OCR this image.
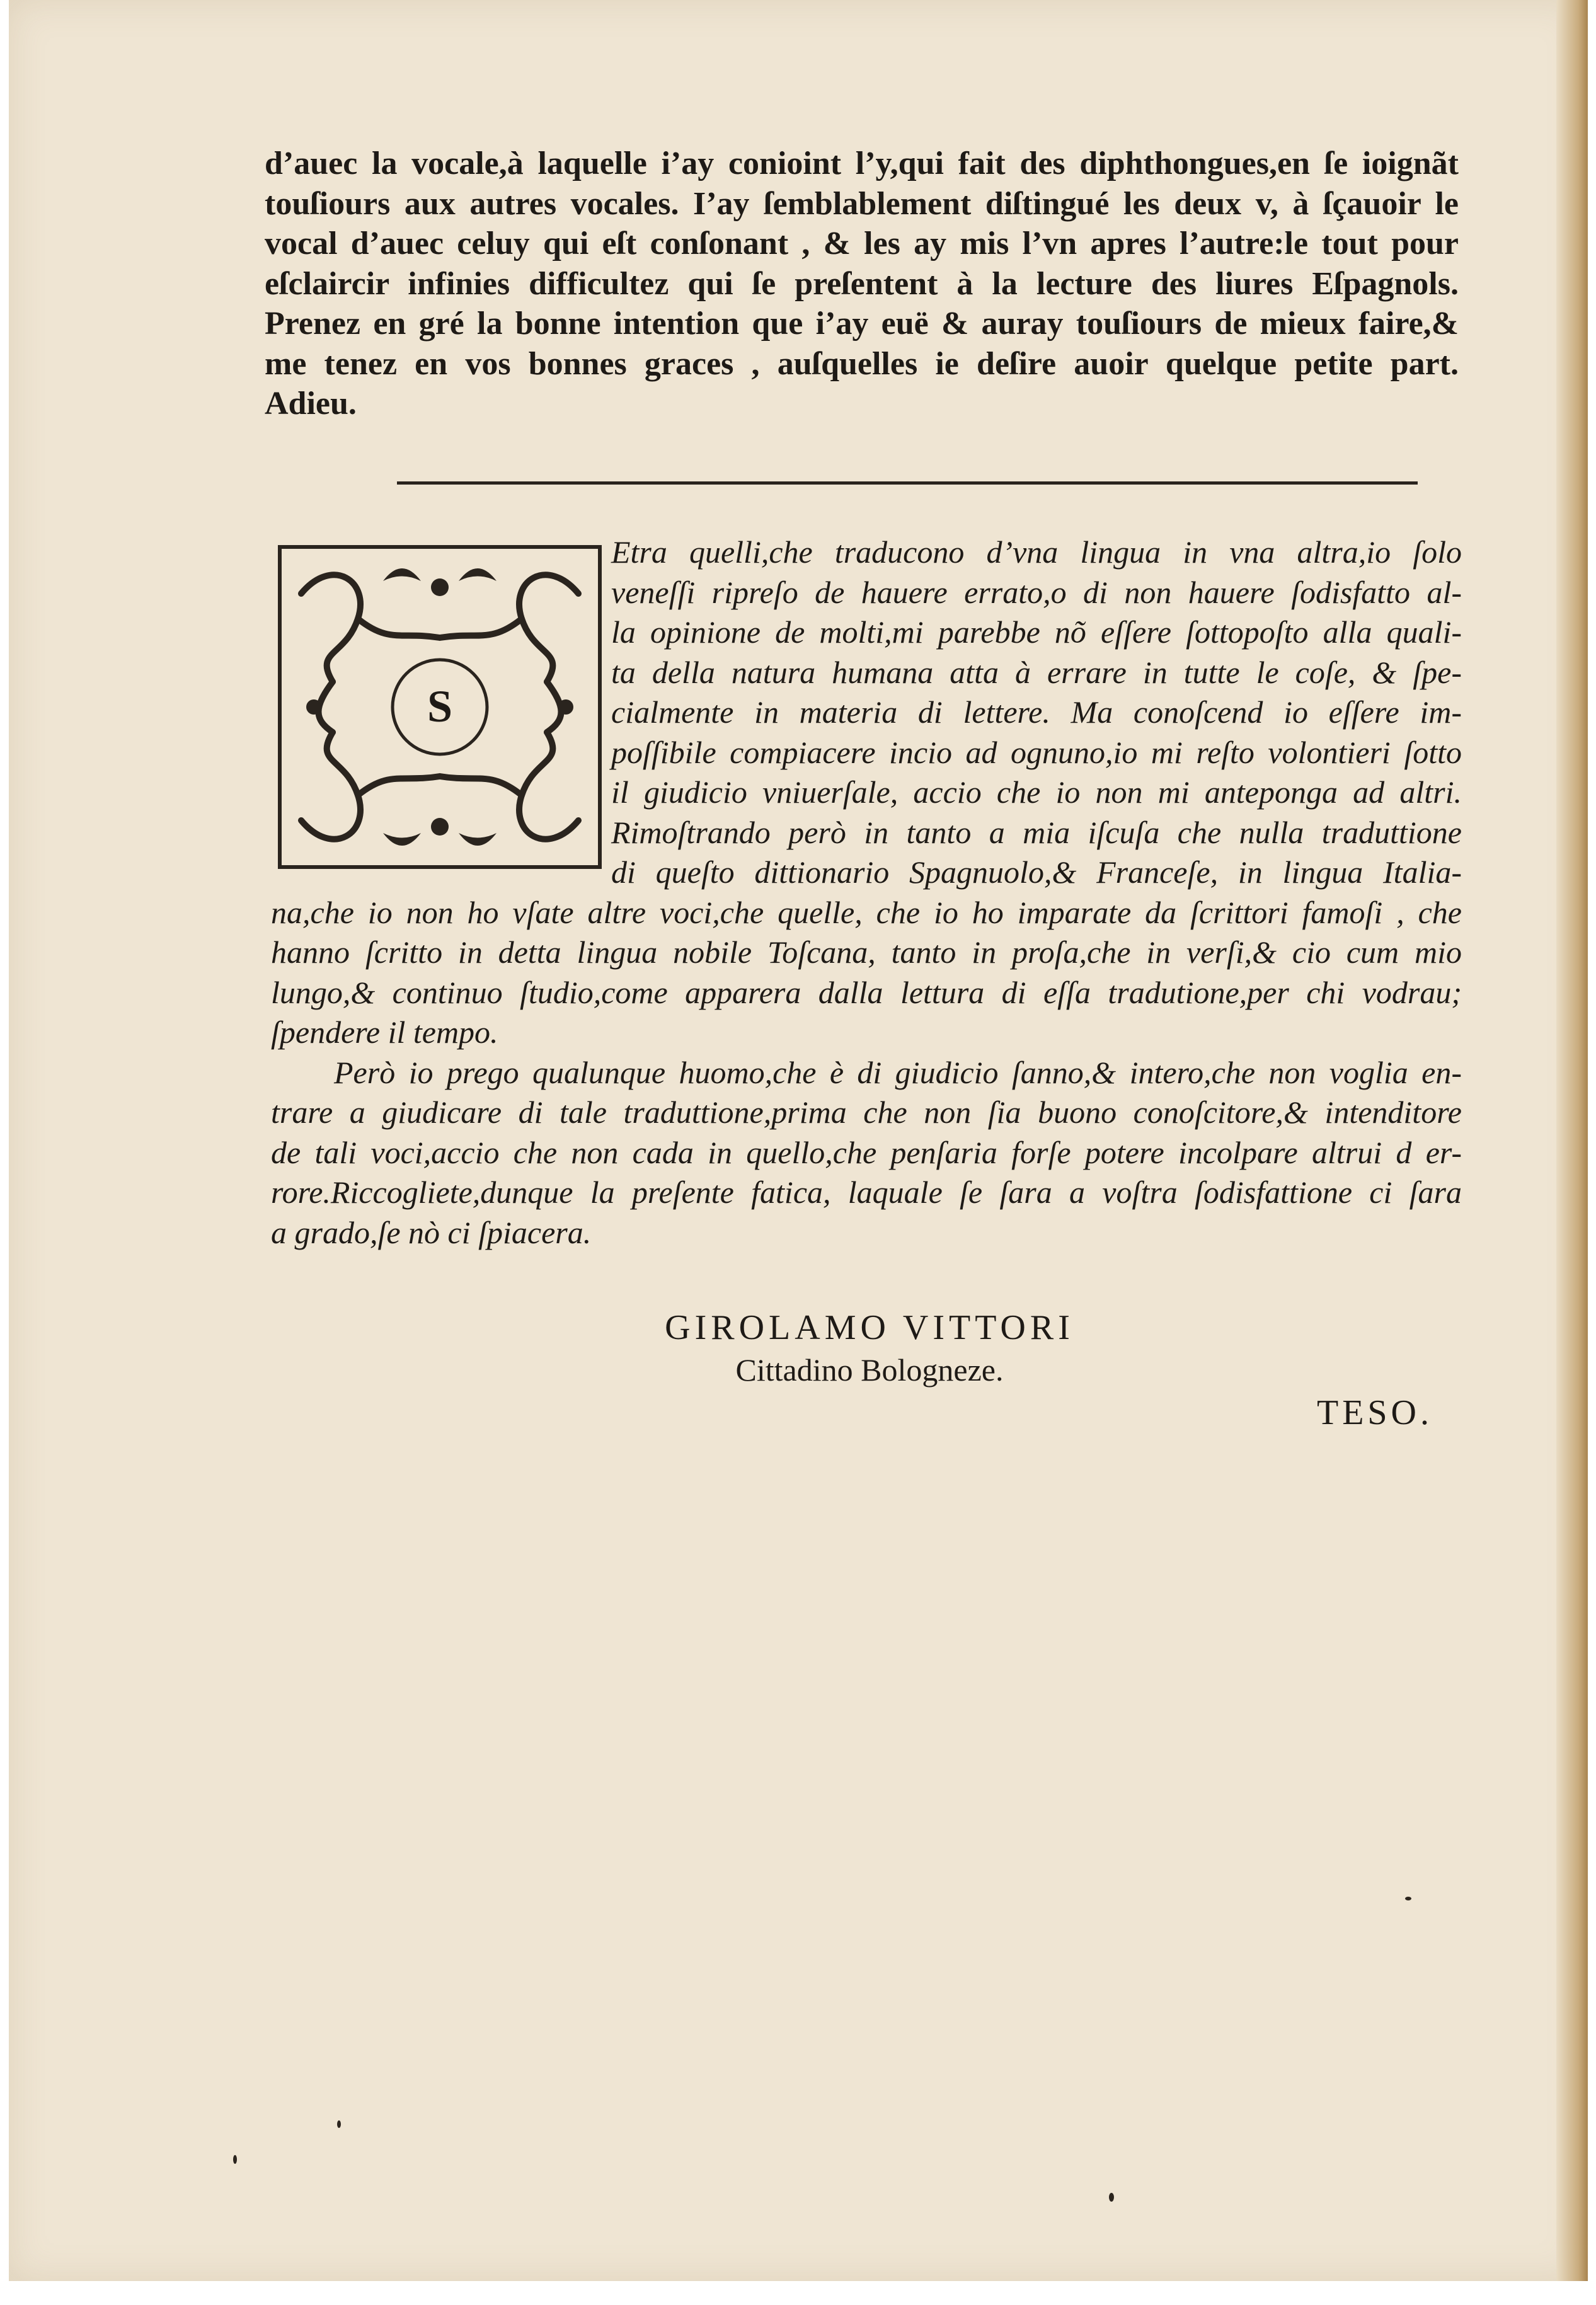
d’auec la vocale,à laquelle i’ay conioint l’y,qui fait des diphthongues,en ſe ioignãt
touſiours aux autres vocales. I’ay ſemblablement diſtingué les deux v, à ſçauoir le
vocal d’auec celuy qui eſt conſonant , & les ay mis l’vn apres l’autre:le tout pour
eſclaircir infinies difficultez qui ſe preſentent à la lecture des liures Eſpagnols.
Prenez en gré la bonne intention que i’ay euë & auray touſiours de mieux faire,&
me tenez en vos bonnes graces , auſquelles ie deſire auoir quelque petite part.
Adieu.
S
Etra quelli,che traducono d’vna lingua in vna altra,io ſolo
veneſſi ripreſo de hauere errato,o di non hauere ſodisfatto al-
la opinione de molti,mi parebbe nõ eſſere ſottopoſto alla quali-
ta della natura humana atta à errare in tutte le coſe, & ſpe-
cialmente in materia di lettere. Ma conoſcend io eſſere im-
poſſibile compiacere incio ad ognuno,io mi reſto volontieri ſotto
il giudicio vniuerſale, accio che io non mi anteponga ad altri.
Rimoſtrando però in tanto a mia iſcuſa che nulla traduttione
di queſto dittionario Spagnuolo,& Franceſe, in lingua Italia-
na,che io non ho vſate altre voci,che quelle, che io ho imparate da ſcrittori famoſi , che
hanno ſcritto in detta lingua nobile Toſcana, tanto in proſa,che in verſi,& cio cum mio
lungo,& continuo ſtudio,come apparera dalla lettura di eſſa tradutione,per chi vodrau;
ſpendere il tempo.
Però io prego qualunque huomo,che è di giudicio ſanno,& intero,che non voglia en-
trare a giudicare di tale traduttione,prima che non ſia buono conoſcitore,& intenditore
de tali voci,accio che non cada in quello,che penſaria forſe potere incolpare altrui d er-
rore.Riccogliete,dunque la preſente fatica, laquale ſe ſara a voſtra ſodisfattione ci ſara
a grado,ſe nò ci ſpiacera.
GIROLAMO VITTORI
Cittadino Bologneze.
TESO.
